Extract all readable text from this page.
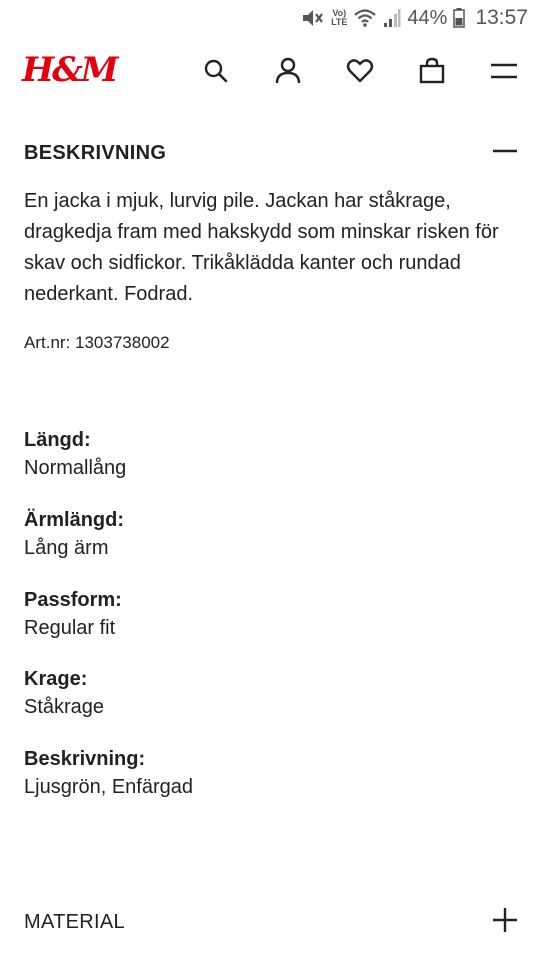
Vo)
LTE	44% 13:57
H&M
BESKRIVNING
En jacka i mjuk, lurvig pile. Jackan har ståkrage, dragkedja fram med hakskydd som minskar risken för skav och sidfickor. Trikåklädda kanter och rundad nederkant. Fodrad.
Art.nr: 1303738002
Längd:
Normallång
Ärmlängd:
Lång ärm
Passform:
Regular fit
Krage:
Ståkrage
Beskrivning:
Ljusgrön, Enfärgad
MATERIAL
